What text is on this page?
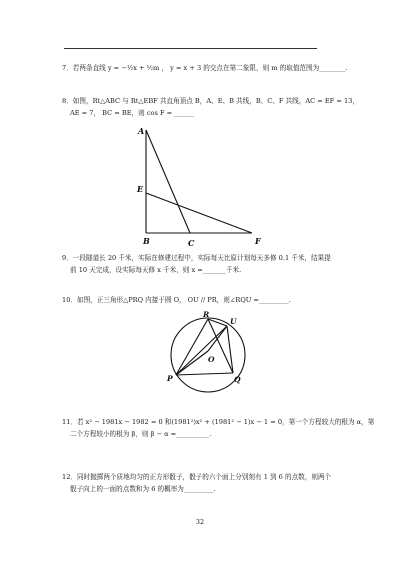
7．若两条直线 y = −½x + ½m ， y = x + 3 的交点在第二象限，则 m 的取值范围为________.
8．如图，Rt△ABC 与 Rt△EBF 共直角顶点 B，A、E、B 共线，B、C、F 共线，AC = EF = 13，
AE = 7， BC = BE，则 cos F = ______
A
E
B	C	F
9．一段隧道长 20 千米，实际在修建过程中，实际每天比原计划每天多修 0.1 千米，结果提
前 10 天完成，设实际每天修 x 千米，则 x =_______千米.
10．如图，正三角形△PRQ 内接于圆 O， OU // PR，则∠RQU =_________.
R
U
O
P	Q
11．若 x² − 1981x − 1982 = 0 和(1981²)x² + (1981² − 1)x − 1 = 0，第一个方程较大的根为 α，第
二个方程较小的根为 β，则 β − α =__________.
12．同时抛掷两个质地均匀的正方形骰子，骰子的六个面上分别刻有 1 到 6 的点数，则两个
骰子向上的一面的点数和为 6 的概率为_________.
32
